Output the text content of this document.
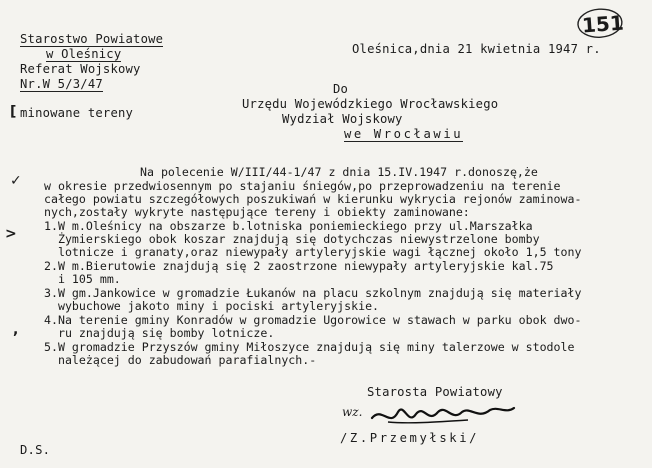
151
Starostwo Powiatowe
w Oleśnicy
Referat Wojskowy
Nr.W 5/3/47
[ minowane tereny
Oleśnica,dnia 21 kwietnia 1947 r.
Do
Urzędu Wojewódzkiego Wrocławskiego
Wydział Wojskowy
we Wrocławiu
✓
>
,
Na polecenie W/III/44-1/47 z dnia 15.IV.1947 r.donoszę,że
w okresie przedwiosennym po stajaniu śniegów,po przeprowadzeniu na terenie
całego powiatu szczegółowych poszukiwań w kierunku wykrycia rejonów zaminowa-
nych,zostały wykryte następujące tereny i obiekty zaminowane:
1.W m.Oleśnicy na obszarze b.lotniska poniemieckiego przy ul.Marszałka
Żymierskiego obok koszar znajdują się dotychczas niewystrzelone bomby
lotnicze i granaty,oraz niewypały artyleryjskie wagi łącznej około 1,5 tony
2.W m.Bierutowie znajdują się 2 zaostrzone niewypały artyleryjskie kal.75
i 105 mm.
3.W gm.Jankowice w gromadzie Łukanów na placu szkolnym znajdują się materiały
wybuchowe jakoto miny i pociski artyleryjskie.
4.Na terenie gminy Konradów w gromadzie Ugorowice w stawach w parku obok dwo-
ru znajdują się bomby lotnicze.
5.W gromadzie Przyszów gminy Miłoszyce znajdują się miny talerzowe w stodole
należącej do zabudowań parafialnych.-
Starosta Powiatowy
wz.
/Z.Przemyłski/
D.S.
